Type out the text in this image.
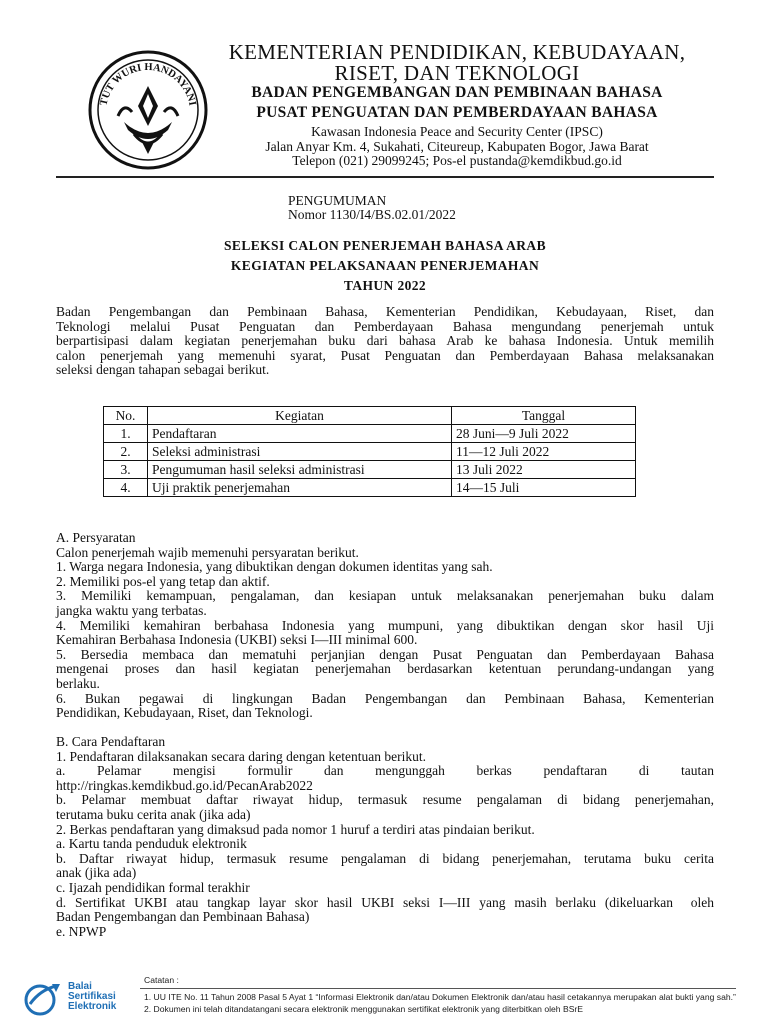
TUT WURI HANDAYANI
KEMENTERIAN PENDIDIKAN, KEBUDAYAAN,
RISET, DAN TEKNOLOGI
BADAN PENGEMBANGAN DAN PEMBINAAN BAHASA
PUSAT PENGUATAN DAN PEMBERDAYAAN BAHASA
Kawasan Indonesia Peace and Security Center (IPSC)
Jalan Anyar Km. 4, Sukahati, Citeureup, Kabupaten Bogor, Jawa Barat
Telepon (021) 29099245; Pos-el pustanda@kemdikbud.go.id
PENGUMUMAN
Nomor 1130/I4/BS.02.01/2022
SELEKSI CALON PENERJEMAH BAHASA ARAB
KEGIATAN PELAKSANAAN PENERJEMAHAN
TAHUN 2022
Badan Pengembangan dan Pembinaan Bahasa, Kementerian Pendidikan, Kebudayaan, Riset, dan
Teknologi melalui Pusat Penguatan dan Pemberdayaan Bahasa mengundang penerjemah untuk
berpartisipasi dalam kegiatan penerjemahan buku dari bahasa Arab ke bahasa Indonesia. Untuk memilih
calon penerjemah yang memenuhi syarat, Pusat Penguatan dan Pemberdayaan Bahasa melaksanakan
seleksi dengan tahapan sebagai berikut.
No.	Kegiatan	Tanggal
1.	Pendaftaran	28 Juni—9 Juli 2022
2.	Seleksi administrasi	11—12 Juli 2022
3.	Pengumuman hasil seleksi administrasi	13 Juli 2022
4.	Uji praktik penerjemahan	14—15 Juli
A. Persyaratan
Calon penerjemah wajib memenuhi persyaratan berikut.
1. Warga negara Indonesia, yang dibuktikan dengan dokumen identitas yang sah.
2. Memiliki pos-el yang tetap dan aktif.
3. Memiliki kemampuan, pengalaman, dan kesiapan untuk melaksanakan penerjemahan buku dalam
jangka waktu yang terbatas.
4. Memiliki kemahiran berbahasa Indonesia yang mumpuni, yang dibuktikan dengan skor hasil Uji
Kemahiran Berbahasa Indonesia (UKBI) seksi I—III minimal 600.
5. Bersedia membaca dan mematuhi perjanjian dengan Pusat Penguatan dan Pemberdayaan Bahasa
mengenai proses dan hasil kegiatan penerjemahan berdasarkan ketentuan perundang-undangan yang
berlaku.
6. Bukan pegawai di lingkungan Badan Pengembangan dan Pembinaan Bahasa, Kementerian
Pendidikan, Kebudayaan, Riset, dan Teknologi.
B. Cara Pendaftaran
1. Pendaftaran dilaksanakan secara daring dengan ketentuan berikut.
a.     Pelamar     mengisi     formulir     dan     mengunggah     berkas     pendaftaran     di     tautan
http://ringkas.kemdikbud.go.id/PecanArab2022
b. Pelamar membuat daftar riwayat hidup, termasuk resume pengalaman di bidang penerjemahan,
terutama buku cerita anak (jika ada)
2. Berkas pendaftaran yang dimaksud pada nomor 1 huruf a terdiri atas pindaian berikut.
a. Kartu tanda penduduk elektronik
b. Daftar riwayat hidup, termasuk resume pengalaman di bidang penerjemahan, terutama buku cerita
anak (jika ada)
c. Ijazah pendidikan formal terakhir
d. Sertifikat UKBI atau tangkap layar skor hasil UKBI seksi I—III yang masih berlaku (dikeluarkan  oleh
Badan Pengembangan dan Pembinaan Bahasa)
e. NPWP
Balai
Sertifikasi
Elektronik
Catatan :
1. UU ITE No. 11 Tahun 2008 Pasal 5 Ayat 1 “Informasi Elektronik dan/atau Dokumen Elektronik dan/atau hasil cetakannya merupakan alat bukti yang sah.”
2. Dokumen ini telah ditandatangani secara elektronik menggunakan sertifikat elektronik yang diterbitkan oleh BSrE
